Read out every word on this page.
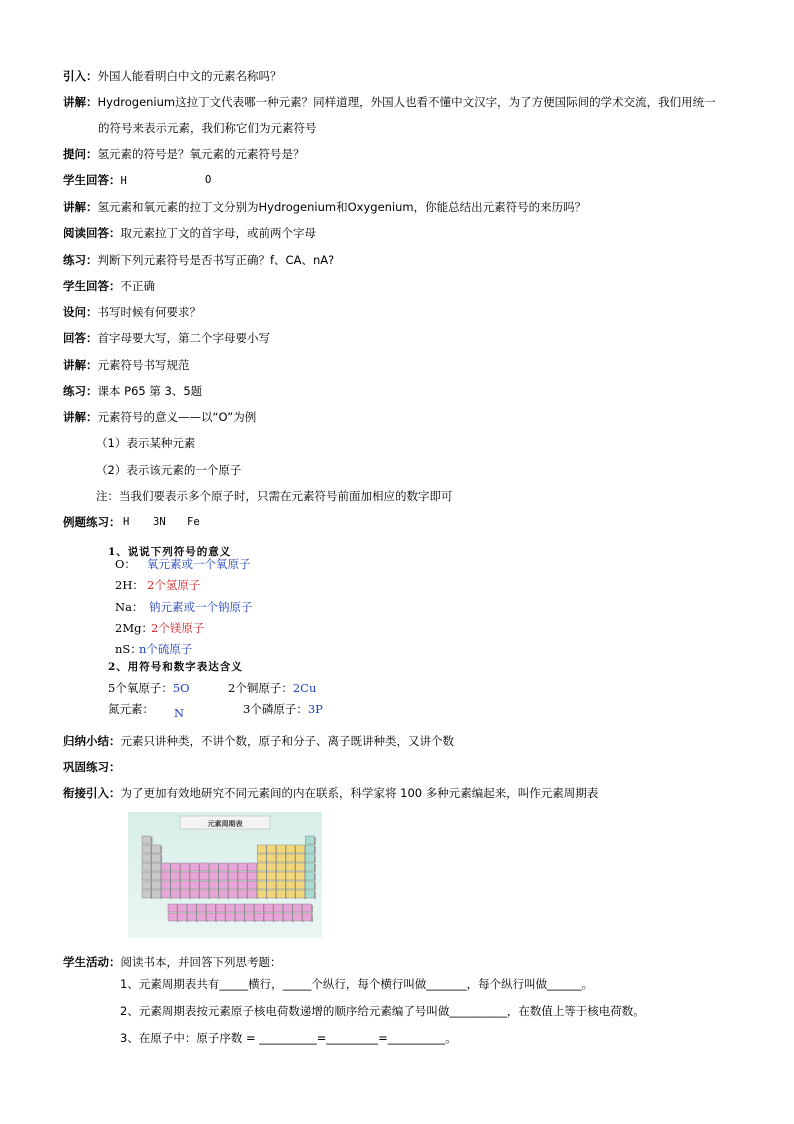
引入：外国人能看明白中文的元素名称吗？
讲解：Hydrogenium这拉丁文代表哪一种元素？同样道理，外国人也看不懂中文汉字，为了方便国际间的学术交流，我们用统一
的符号来表示元素，我们称它们为元素符号
提问：氢元素的符号是？氧元素的元素符号是？
学生回答：H	O
讲解：氢元素和氧元素的拉丁文分别为Hydrogenium和Oxygenium，你能总结出元素符号的来历吗？
阅读回答：取元素拉丁文的首字母，或前两个字母
练习：判断下列元素符号是否书写正确？f、CA、nA?
学生回答：不正确
设问：书写时候有何要求？
回答：首字母要大写，第二个字母要小写
讲解：元素符号书写规范
练习：课本 P65 第 3、5题
讲解：元素符号的意义——以“O”为例
（1）表示某种元素
（2）表示该元素的一个原子
注：当我们要表示多个原子时，只需在元素符号前面加相应的数字即可
例题练习： H 3N Fe
1、说说下列符号的意义
O： 氧元素或一个氧原子
2H： 2个氢原子
Na： 钠元素或一个钠原子
2Mg：
2个镁原子
nS：
n个硫原子
2、用符号和数字表达含义
5个氧原子：5O	2个铜原子：2Cu
氮元素： N	3个磷原子：3P
归纳小结：元素只讲种类，不讲个数，原子和分子、离子既讲种类，又讲个数
巩固练习：
衔接引入：为了更加有效地研究不同元素间的内在联系，科学家将 100 多种元素编起来，叫作元素周期表
元素周期表
学生活动：阅读书本，并回答下列思考题：
1、元素周期表共有_____横行，_____个纵行，每个横行叫做_______，每个纵行叫做______。
2、元素周期表按元素原子核电荷数递增的顺序给元素编了号叫做__________，在数值上等于核电荷数。
3、在原子中：原子序数 = __________=_________=__________。
